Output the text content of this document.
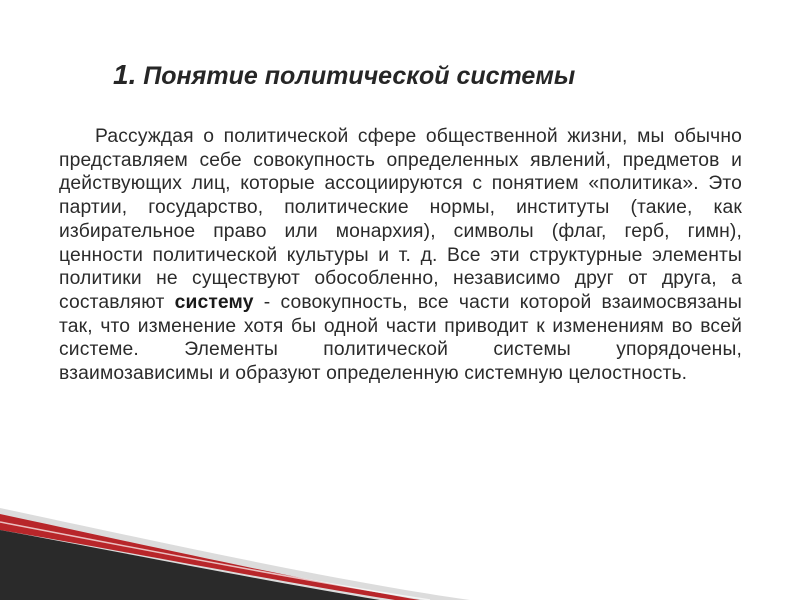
1. Понятие политической системы

Рассуждая о политической сфере общественной жизни, мы обычно представляем себе совокупность определенных явлений, предметов и действующих лиц, которые ассоциируются с понятием «политика». Это партии, государство, политические нормы, институты (такие, как избирательное право или монархия), символы (флаг, герб, гимн), ценности политической культуры и т. д. Все эти структурные элементы политики не существуют обособленно, независимо друг от друга, а составляют систему - совокупность, все части которой взаимосвязаны так, что изменение хотя бы одной части приводит к изменениям во всей системе. Элементы политической системы упорядочены, взаимозависимы и образуют определенную системную целостность.
